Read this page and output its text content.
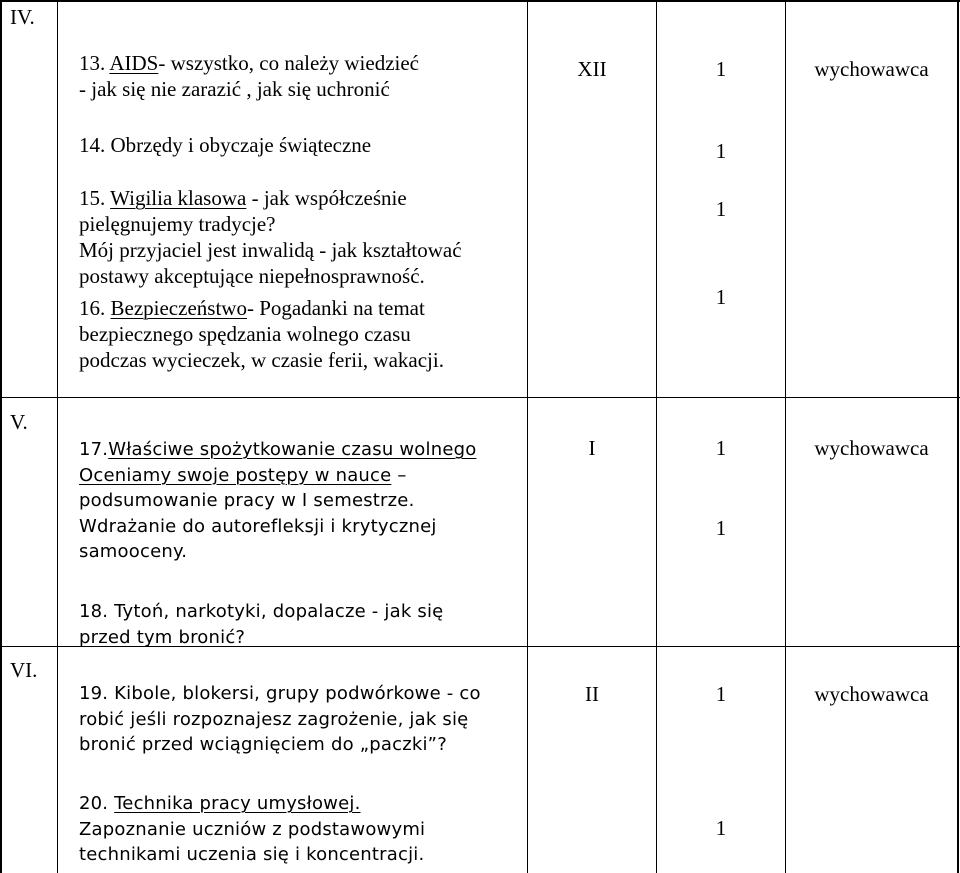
IV.
V.
VI.
13. AIDS- wszystko, co należy wiedzieć
- jak się nie zarazić , jak się uchronić
14. Obrzędy i obyczaje świąteczne
15. Wigilia klasowa - jak współcześnie
pielęgnujemy tradycje?
Mój przyjaciel jest inwalidą - jak kształtować
postawy akceptujące niepełnosprawność.
16. Bezpieczeństwo- Pogadanki na temat
bezpiecznego spędzania wolnego czasu
podczas wycieczek, w czasie ferii, wakacji.
17.Właściwe spożytkowanie czasu wolnego
Oceniamy swoje postępy w nauce –
podsumowanie pracy w I semestrze.
Wdrażanie do autorefleksji i krytycznej
samooceny.
18. Tytoń, narkotyki, dopalacze - jak się
przed tym bronić?
19. Kibole, blokersi, grupy podwórkowe - co
robić jeśli rozpoznajesz zagrożenie, jak się
bronić przed wciągnięciem do „paczki”?
20. Technika pracy umysłowej.
Zapoznanie uczniów z podstawowymi
technikami uczenia się i koncentracji.
XII
I
II
1
1
1
1
1
1
1
1
wychowawca
wychowawca
wychowawca
